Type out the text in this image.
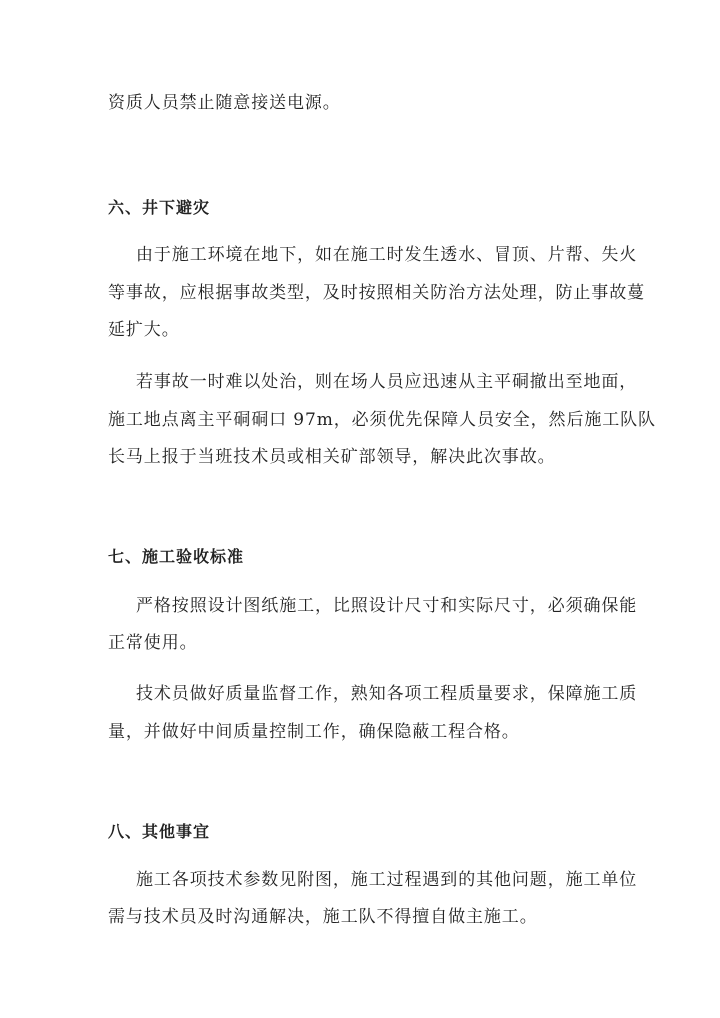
资质人员禁止随意接送电源。
六、井下避灾
由于施工环境在地下，如在施工时发生透水、冒顶、片帮、失火
等事故，应根据事故类型，及时按照相关防治方法处理，防止事故蔓
延扩大。
若事故一时难以处治，则在场人员应迅速从主平硐撤出至地面，
施工地点离主平硐硐口 97m，必须优先保障人员安全，然后施工队队
长马上报于当班技术员或相关矿部领导，解决此次事故。
七、施工验收标准
严格按照设计图纸施工，比照设计尺寸和实际尺寸，必须确保能
正常使用。
技术员做好质量监督工作，熟知各项工程质量要求，保障施工质
量，并做好中间质量控制工作，确保隐蔽工程合格。
八、其他事宜
施工各项技术参数见附图，施工过程遇到的其他问题，施工单位
需与技术员及时沟通解决，施工队不得擅自做主施工。
